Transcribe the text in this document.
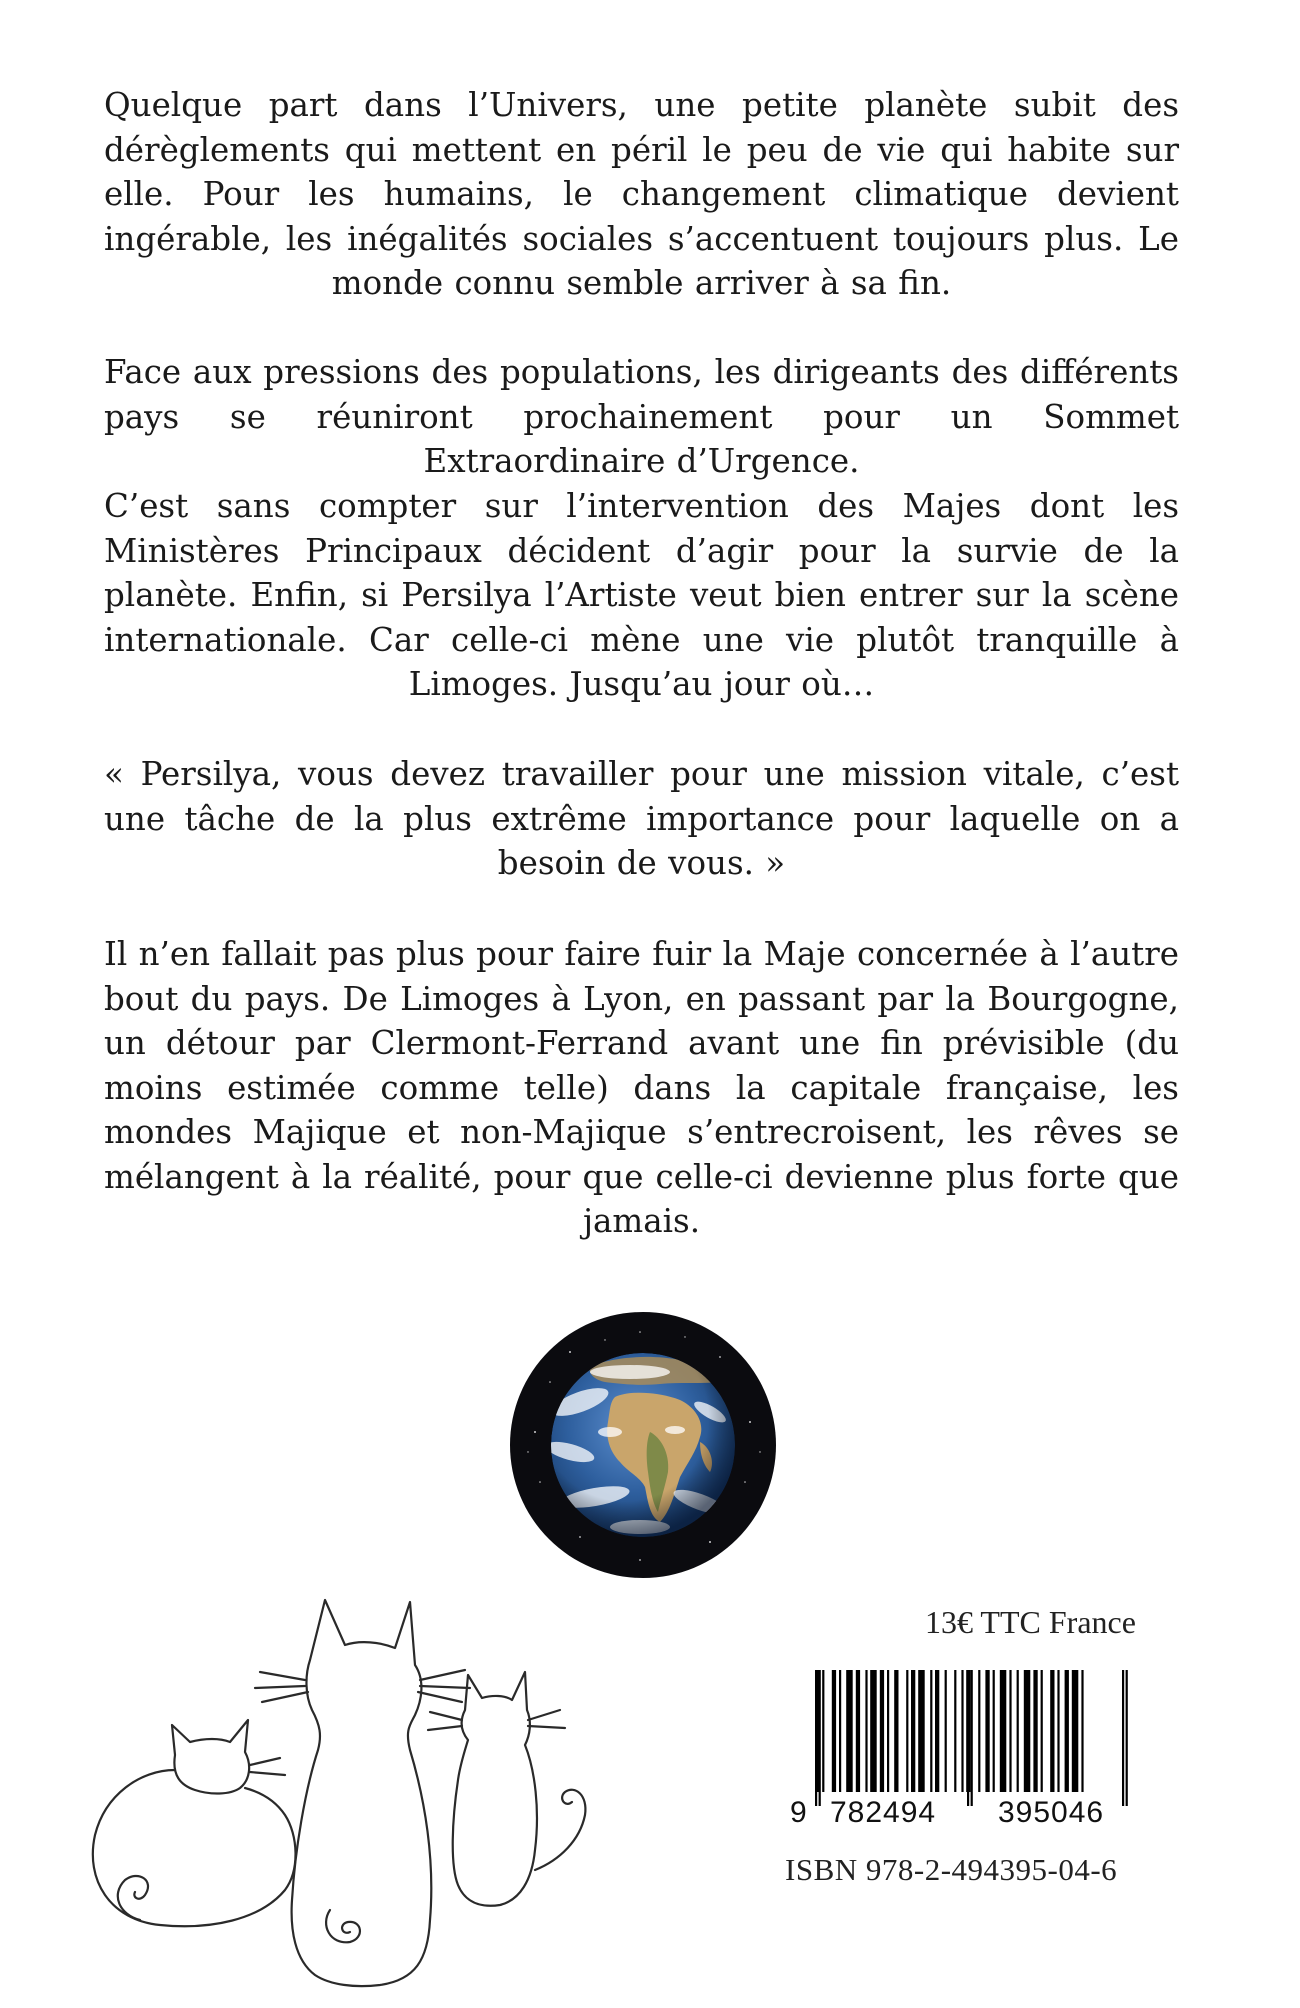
Quelque part dans l’Univers, une petite planète subit des dérèglements qui mettent en péril le peu de vie qui habite sur elle. Pour les humains, le changement climatique devient ingérable, les inégalités sociales s’accentuent toujours plus. Le monde connu semble arriver à sa fin.
Face aux pressions des populations, les dirigeants des différents pays se réuniront prochainement pour un Sommet Extraordinaire d’Urgence.
C’est sans compter sur l’intervention des Majes dont les Ministères Principaux décident d’agir pour la survie de la planète. Enfin, si Persilya l’Artiste veut bien entrer sur la scène internationale. Car celle-ci mène une vie plutôt tranquille à Limoges. Jusqu’au jour où…
« Persilya, vous devez travailler pour une mission vitale, c’est une tâche de la plus extrême importance pour laquelle on a besoin de vous. »
Il n’en fallait pas plus pour faire fuir la Maje concernée à l’autre bout du pays. De Limoges à Lyon, en passant par la Bourgogne, un détour par Clermont-Ferrand avant une fin prévisible (du moins estimée comme telle) dans la capitale française, les mondes Majique et non-Majique s’entrecroisent, les rêves se mélangent à la réalité, pour que celle-ci devienne plus forte que jamais.
13€ TTC France
9 782494 395046
ISBN 978-2-494395-04-6
